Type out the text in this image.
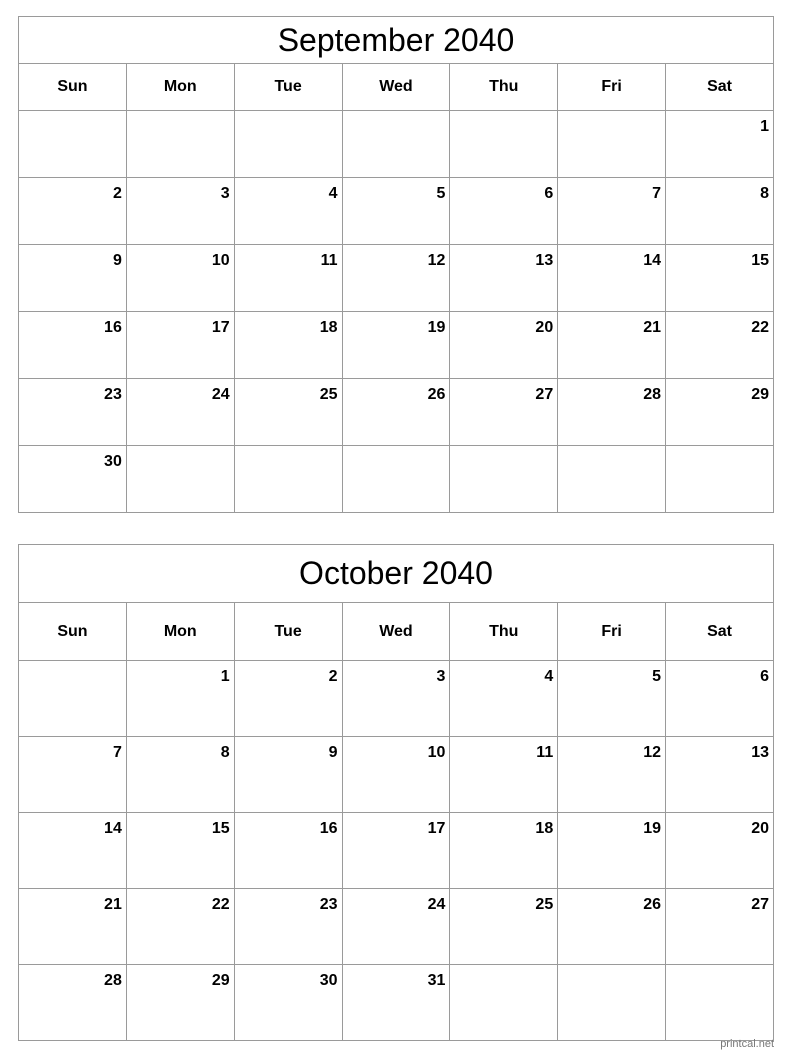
September 2040						
Sun	Mon	Tue	Wed	Thu	Fri	Sat

						1

2	3	4	5	6	7	8

9	10	11	12	13	14	15

16	17	18	19	20	21	22

23	24	25	26	27	28	29

30						

October 2040						
Sun	Mon	Tue	Wed	Thu	Fri	Sat

	1	2	3	4	5	6

7	8	9	10	11	12	13

14	15	16	17	18	19	20

21	22	23	24	25	26	27

28	29	30	31			

printcal.net
